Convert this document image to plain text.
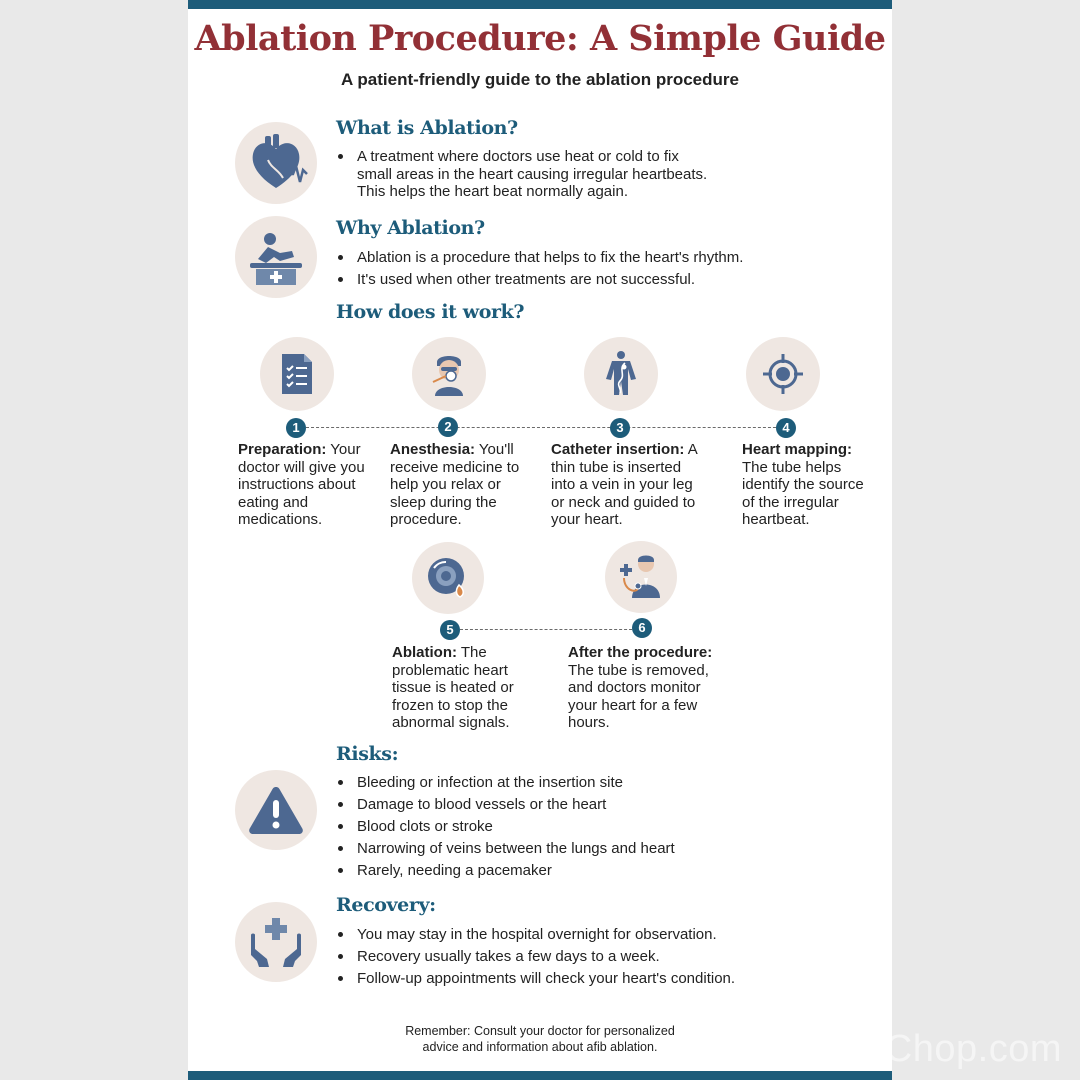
Ablation Procedure: A Simple Guide
A patient-friendly guide to the ablation procedure
What is Ablation?
A treatment where doctors use heat or cold to fix small areas in the heart causing irregular heartbeats. This helps the heart beat normally again.
Why Ablation?
Ablation is a procedure that helps to fix the heart's rhythm.
It's used when other treatments are not successful.
How does it work?
1	2	3	4
Preparation: Your doctor will give you instructions about eating and medications.
Anesthesia: You'll receive medicine to help you relax or sleep during the procedure.
Catheter insertion: A thin tube is inserted into a vein in your leg or neck and guided to your heart.
Heart mapping: The tube helps identify the source of the irregular heartbeat.
5	6
Ablation: The problematic heart tissue is heated or frozen to stop the abnormal signals.
After the procedure: The tube is removed, and doctors monitor your heart for a few hours.
Risks:
Bleeding or infection at the insertion site
Damage to blood vessels or the heart
Blood clots or stroke
Narrowing of veins between the lungs and heart
Rarely, needing a pacemaker
Recovery:
You may stay in the hospital overnight for observation.
Recovery usually takes a few days to a week.
Follow-up appointments will check your heart's condition.
Remember: Consult your doctor for personalized
advice and information about afib ablation.	PosterMyChop.com
